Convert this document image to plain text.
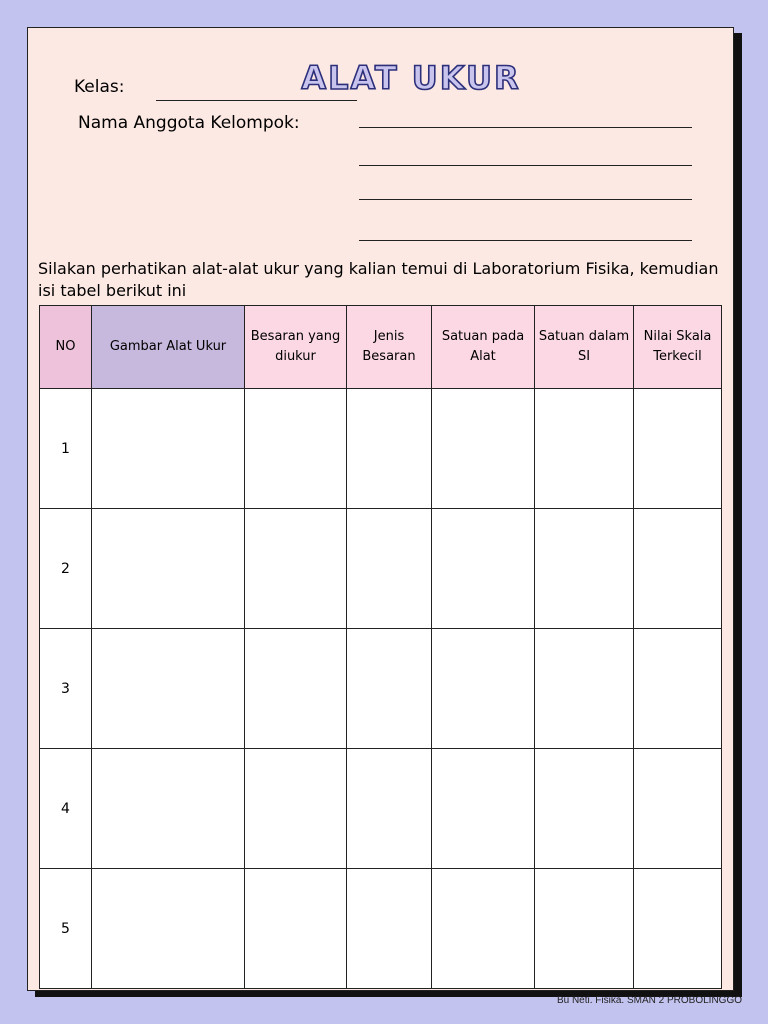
ALAT UKUR
Kelas:
Nama Anggota Kelompok:
Silakan perhatikan alat-alat ukur yang kalian temui di Laboratorium Fisika, kemudian isi tabel berikut ini
NO	Gambar Alat Ukur	Besaran yang diukur	Jenis Besaran	Satuan pada Alat	Satuan dalam SI	Nilai Skala Terkecil
1						
2						
3						
4						
5						
Bu Neti. Fisika. SMAN 2 PROBOLINGGO
